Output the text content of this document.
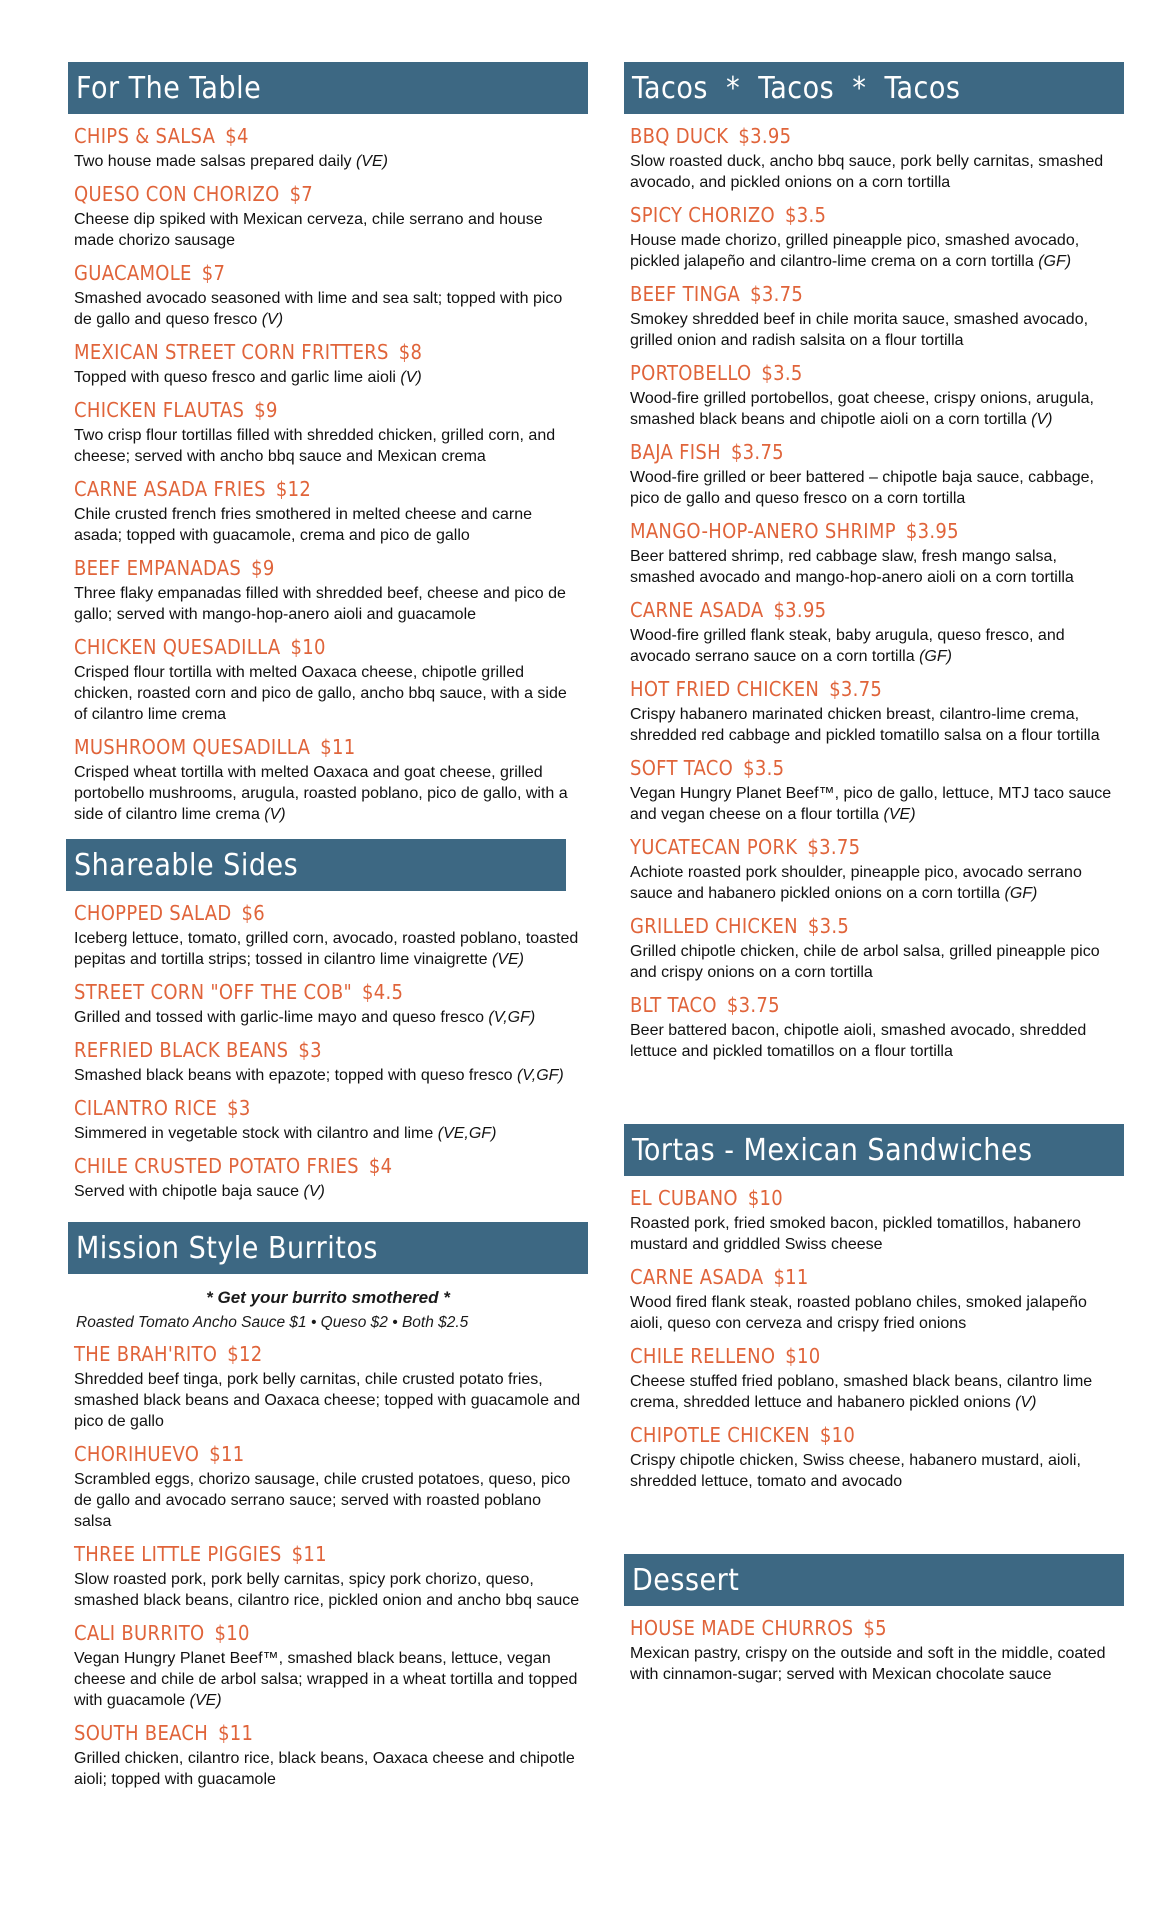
For The Table
CHIPS & SALSA $4
Two house made salsas prepared daily (VE)
QUESO CON CHORIZO $7
Cheese dip spiked with Mexican cerveza, chile serrano and house made chorizo sausage
GUACAMOLE $7
Smashed avocado seasoned with lime and sea salt; topped with pico de gallo and queso fresco (V)
MEXICAN STREET CORN FRITTERS $8
Topped with queso fresco and garlic lime aioli (V)
CHICKEN FLAUTAS $9
Two crisp flour tortillas filled with shredded chicken, grilled corn, and cheese; served with ancho bbq sauce and Mexican crema
CARNE ASADA FRIES $12
Chile crusted french fries smothered in melted cheese and carne asada; topped with guacamole, crema and pico de gallo
BEEF EMPANADAS $9
Three flaky empanadas filled with shredded beef, cheese and pico de gallo; served with mango-hop-anero aioli and guacamole
CHICKEN QUESADILLA $10
Crisped flour tortilla with melted Oaxaca cheese, chipotle grilled chicken, roasted corn and pico de gallo, ancho bbq sauce, with a side of cilantro lime crema
MUSHROOM QUESADILLA $11
Crisped wheat tortilla with melted Oaxaca and goat cheese, grilled portobello mushrooms, arugula, roasted poblano, pico de gallo, with a side of cilantro lime crema (V)
Shareable Sides
CHOPPED SALAD $6
Iceberg lettuce, tomato, grilled corn, avocado, roasted poblano, toasted pepitas and tortilla strips; tossed in cilantro lime vinaigrette (VE)
STREET CORN "OFF THE COB" $4.5
Grilled and tossed with garlic-lime mayo and queso fresco (V,GF)
REFRIED BLACK BEANS $3
Smashed black beans with epazote; topped with queso fresco (V,GF)
CILANTRO RICE $3
Simmered in vegetable stock with cilantro and lime (VE,GF)
CHILE CRUSTED POTATO FRIES $4
Served with chipotle baja sauce (V)
Mission Style Burritos
* Get your burrito smothered *
Roasted Tomato Ancho Sauce $1 • Queso $2 • Both $2.5
THE BRAH'RITO $12
Shredded beef tinga, pork belly carnitas, chile crusted potato fries, smashed black beans and Oaxaca cheese; topped with guacamole and pico de gallo
CHORIHUEVO $11
Scrambled eggs, chorizo sausage, chile crusted potatoes, queso, pico de gallo and avocado serrano sauce; served with roasted poblano salsa
THREE LITTLE PIGGIES $11
Slow roasted pork, pork belly carnitas, spicy pork chorizo, queso, smashed black beans, cilantro rice, pickled onion and ancho bbq sauce
CALI BURRITO $10
Vegan Hungry Planet Beef™, smashed black beans, lettuce, vegan cheese and chile de arbol salsa; wrapped in a wheat tortilla and topped with guacamole (VE)
SOUTH BEACH $11
Grilled chicken, cilantro rice, black beans, Oaxaca cheese and chipotle aioli; topped with guacamole
Tacos  *  Tacos  *  Tacos
BBQ DUCK $3.95
Slow roasted duck, ancho bbq sauce, pork belly carnitas, smashed avocado, and pickled onions on a corn tortilla
SPICY CHORIZO $3.5
House made chorizo, grilled pineapple pico, smashed avocado, pickled jalapeño and cilantro-lime crema on a corn tortilla (GF)
BEEF TINGA $3.75
Smokey shredded beef in chile morita sauce, smashed avocado, grilled onion and radish salsita on a flour tortilla
PORTOBELLO $3.5
Wood-fire grilled portobellos, goat cheese, crispy onions, arugula, smashed black beans and chipotle aioli on a corn tortilla (V)
BAJA FISH $3.75
Wood-fire grilled or beer battered – chipotle baja sauce, cabbage, pico de gallo and queso fresco on a corn tortilla
MANGO-HOP-ANERO SHRIMP $3.95
Beer battered shrimp, red cabbage slaw, fresh mango salsa, smashed avocado and mango-hop-anero aioli on a corn tortilla
CARNE ASADA $3.95
Wood-fire grilled flank steak, baby arugula, queso fresco, and avocado serrano sauce on a corn tortilla (GF)
HOT FRIED CHICKEN $3.75
Crispy habanero marinated chicken breast, cilantro-lime crema, shredded red cabbage and pickled tomatillo salsa on a flour tortilla
SOFT TACO $3.5
Vegan Hungry Planet Beef™, pico de gallo, lettuce, MTJ taco sauce and vegan cheese on a flour tortilla (VE)
YUCATECAN PORK $3.75
Achiote roasted pork shoulder, pineapple pico, avocado serrano sauce and habanero pickled onions on a corn tortilla (GF)
GRILLED CHICKEN $3.5
Grilled chipotle chicken, chile de arbol salsa, grilled pineapple pico and crispy onions on a corn tortilla
BLT TACO $3.75
Beer battered bacon, chipotle aioli, smashed avocado, shredded lettuce and pickled tomatillos on a flour tortilla
Tortas - Mexican Sandwiches
EL CUBANO $10
Roasted pork, fried smoked bacon, pickled tomatillos, habanero mustard and griddled Swiss cheese
CARNE ASADA $11
Wood fired flank steak, roasted poblano chiles, smoked jalapeño aioli, queso con cerveza and crispy fried onions
CHILE RELLENO $10
Cheese stuffed fried poblano, smashed black beans, cilantro lime crema, shredded lettuce and habanero pickled onions (V)
CHIPOTLE CHICKEN $10
Crispy chipotle chicken, Swiss cheese, habanero mustard, aioli, shredded lettuce, tomato and avocado
Dessert
HOUSE MADE CHURROS $5
Mexican pastry, crispy on the outside and soft in the middle, coated with cinnamon-sugar; served with Mexican chocolate sauce
